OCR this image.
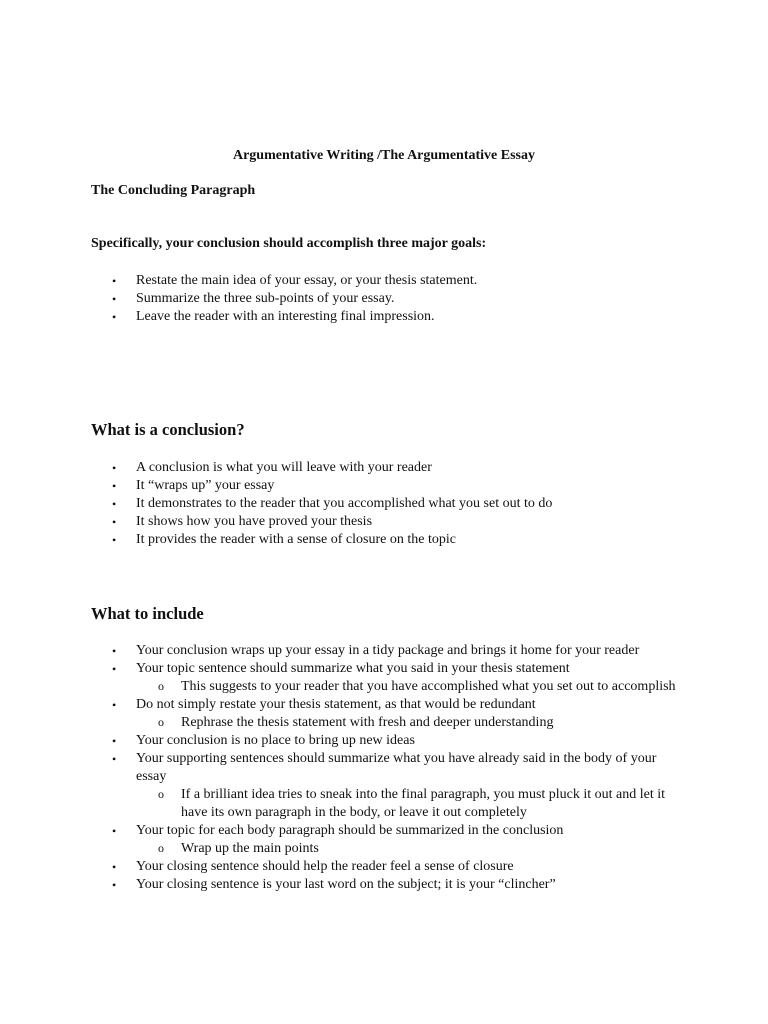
Argumentative Writing /The Argumentative Essay

The Concluding Paragraph

Specifically, your conclusion should accomplish three major goals:

• Restate the main idea of your essay, or your thesis statement.
• Summarize the three sub-points of your essay.
• Leave the reader with an interesting final impression.

What is a conclusion?

• A conclusion is what you will leave with your reader
• It “wraps up” your essay
• It demonstrates to the reader that you accomplished what you set out to do
• It shows how you have proved your thesis
• It provides the reader with a sense of closure on the topic

What to include

• Your conclusion wraps up your essay in a tidy package and brings it home for your reader
• Your topic sentence should summarize what you said in your thesis statement
o This suggests to your reader that you have accomplished what you set out to accomplish
• Do not simply restate your thesis statement, as that would be redundant
o Rephrase the thesis statement with fresh and deeper understanding
• Your conclusion is no place to bring up new ideas
• Your supporting sentences should summarize what you have already said in the body of your essay
o If a brilliant idea tries to sneak into the final paragraph, you must pluck it out and let it have its own paragraph in the body, or leave it out completely
• Your topic for each body paragraph should be summarized in the conclusion
o Wrap up the main points
• Your closing sentence should help the reader feel a sense of closure
• Your closing sentence is your last word on the subject; it is your “clincher”
